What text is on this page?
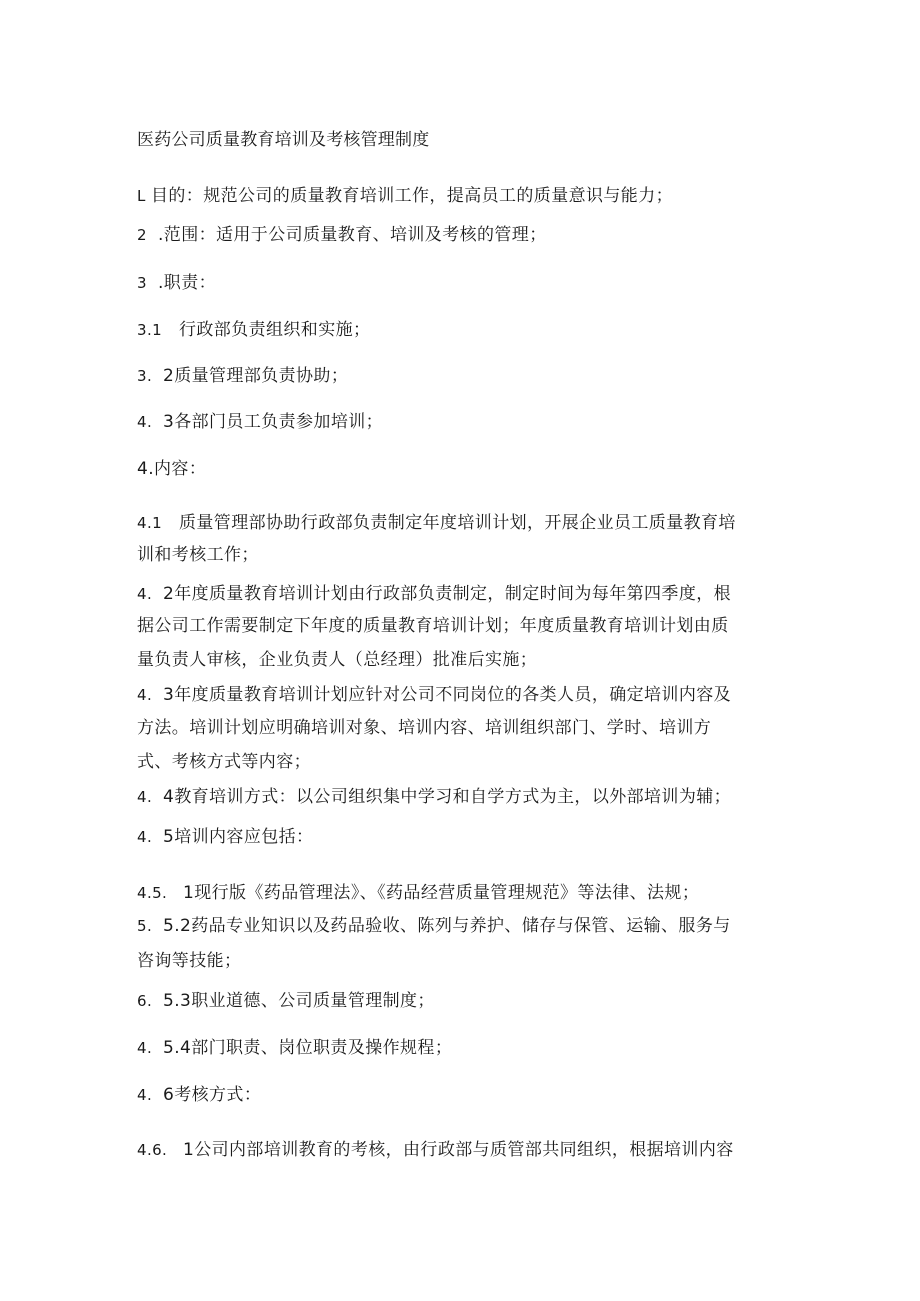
医药公司质量教育培训及考核管理制度
L 目的：规范公司的质量教育培训工作，提高员工的质量意识与能力；
2 .范围：适用于公司质量教育、培训及考核的管理；
3 .职责：
3.1 行政部负责组织和实施；
3. 2质量管理部负责协助；
4. 3各部门员工负责参加培训；
4.内容：
4.1 质量管理部协助行政部负责制定年度培训计划，开展企业员工质量教育培
训和考核工作；
4. 2年度质量教育培训计划由行政部负责制定，制定时间为每年第四季度，根
据公司工作需要制定下年度的质量教育培训计划；年度质量教育培训计划由质
量负责人审核，企业负责人（总经理）批准后实施；
4. 3年度质量教育培训计划应针对公司不同岗位的各类人员，确定培训内容及
方法。培训计划应明确培训对象、培训内容、培训组织部门、学时、培训方
式、考核方式等内容；
4. 4教育培训方式：以公司组织集中学习和自学方式为主，以外部培训为辅；
4. 5培训内容应包括：
4.5. 1现行版《药品管理法》、《药品经营质量管理规范》等法律、法规；
5. 5.2药品专业知识以及药品验收、陈列与养护、储存与保管、运输、服务与
咨询等技能；
6. 5.3职业道德、公司质量管理制度；
4. 5.4部门职责、岗位职责及操作规程；
4. 6考核方式：
4.6. 1公司内部培训教育的考核，由行政部与质管部共同组织，根据培训内容
